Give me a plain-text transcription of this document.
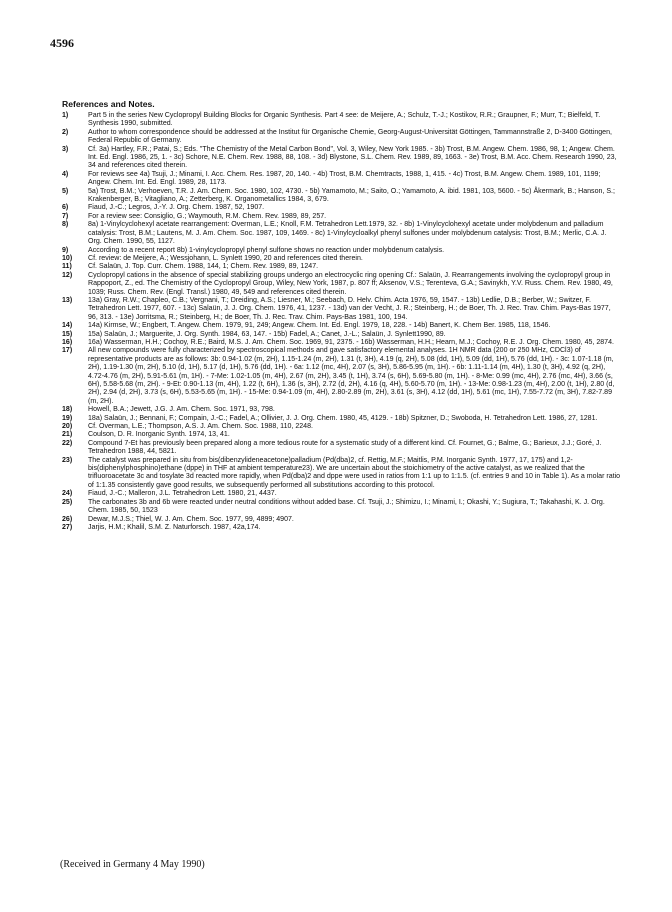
4596
References and Notes.
1)	Part 5 in the series New Cyclopropyl Building Blocks for Organic Synthesis. Part 4 see: de Meijere, A.; Schulz, T.-J.; Kostikov, R.R.; Graupner, F.; Murr, T.; Bielfeld, T. Synthesis 1990, submitted.

2)	Author to whom correspondence should be addressed at the Institut für Organische Chemie, Georg-August-Universität Göttingen, Tammannstraße 2, D-3400 Göttingen, Federal Republic of Germany.

3)	Cf. 3a) Hartley, F.R.; Patai, S.; Eds. "The Chemistry of the Metal Carbon Bond", Vol. 3, Wiley, New York 1985. - 3b) Trost, B.M. Angew. Chem. 1986, 98, 1; Angew. Chem. Int. Ed. Engl. 1986, 25, 1. - 3c) Schore, N.E. Chem. Rev. 1988, 88, 108. - 3d) Blystone, S.L. Chem. Rev. 1989, 89, 1663. - 3e) Trost, B.M. Acc. Chem. Research 1990, 23, 34 and references cited therein.

4)	For reviews see 4a) Tsuji, J.; Minami, I. Acc. Chem. Res. 1987, 20, 140. - 4b) Trost, B.M. Chemtracts, 1988, 1, 415. - 4c) Trost, B.M. Angew. Chem. 1989, 101, 1199; Angew. Chem. Int. Ed. Engl. 1989, 28, 1173.

5)	5a) Trost, B.M.; Verhoeven, T.R. J. Am. Chem. Soc. 1980, 102, 4730. - 5b) Yamamoto, M.; Saito, O.; Yamamoto, A. ibid. 1981, 103, 5600. - 5c) Åkermark, B.; Hanson, S.; Krakenberger, B.; Vitagliano, A.; Zetterberg, K. Organometallics 1984, 3, 679.

6)	Fiaud, J.-C.; Legros, J.-Y. J. Org. Chem. 1987, 52, 1907.

7)	For a review see: Consiglio, G.; Waymouth, R.M. Chem. Rev. 1989, 89, 257.

8)	8a) 1-Vinylcyclohexyl acetate rearrangement: Overman, L.E.; Knoll, F.M. Tetrahedron Lett.1979, 32. - 8b) 1-Vinylcyclohexyl acetate under molybdenum and palladium catalysis: Trost, B.M.; Lautens, M. J. Am. Chem. Soc. 1987, 109, 1469. - 8c) 1-Vinylcycloalkyl phenyl sulfones under molybdenum catalysis: Trost, B.M.; Merlic, C.A. J. Org. Chem. 1990, 55, 1127.

9)	According to a recent report 8b) 1-vinylcyclopropyl phenyl sulfone shows no reaction under molybdenum catalysis.

10)	Cf. review: de Meijere, A.; Wessjohann, L. Synlett 1990, 20 and references cited therein.

11)	Cf. Salaün, J. Top. Curr. Chem. 1988, 144, 1; Chem. Rev. 1989, 89, 1247.

12)	Cyclopropyl cations in the absence of special stabilizing groups undergo an electrocyclic ring opening Cf.: Salaün, J. Rearrangements involving the cyclopropyl group in Rappoport, Z., ed. The Chemistry of the Cyclopropyl Group, Wiley, New York, 1987, p. 807 ff; Aksenov, V.S.; Terenteva, G.A.; Savinykh, Y.V. Russ. Chem. Rev. 1980, 49, 1039; Russ. Chem. Rev. (Engl. Transl.) 1980, 49, 549 and references cited therein.

13)	13a) Gray, R.W.; Chapleo, C.B.; Vergnani, T.; Dreiding, A.S.; Liesner, M.; Seebach, D. Helv. Chim. Acta 1976, 59, 1547. - 13b) Ledlie, D.B.; Berber, W.; Switzer, F. Tetrahedron Lett. 1977, 607. - 13c) Salaün, J. J. Org. Chem. 1976, 41, 1237. - 13d) van der Vecht, J. R.; Steinberg, H.; de Boer, Th. J. Rec. Trav. Chim. Pays-Bas 1977, 96, 313. - 13e) Jorritsma, R.; Steinberg, H.; de Boer, Th. J. Rec. Trav. Chim. Pays-Bas 1981, 100, 194.

14)	14a) Kirmse, W.; Engbert, T. Angew. Chem. 1979, 91, 249; Angew. Chem. Int. Ed. Engl. 1979, 18, 228. - 14b) Banert, K. Chem Ber. 1985, 118, 1546.

15)	15a) Salaün, J.; Marguerite, J. Org. Synth. 1984, 63, 147. - 15b) Fadel, A.; Canet, J.-L.; Salaün, J. Synlett1990, 89.

16)	16a) Wasserman, H.H.; Cochoy, R.E.; Baird, M.S. J. Am. Chem. Soc. 1969, 91, 2375. - 16b) Wasserman, H.H.; Hearn, M.J.; Cochoy, R.E. J. Org. Chem. 1980, 45, 2874.

17)	All new compounds were fully characterized by spectroscopical methods and gave satisfactory elemental analyses. 1H NMR data (200 or 250 MHz, CDCl3) of representative products are as follows: 3b: 0.94-1.02 (m, 2H), 1.15-1.24 (m, 2H), 1.31 (t, 3H), 4.19 (q, 2H), 5.08 (dd, 1H), 5.09 (dd, 1H), 5.76 (dd, 1H). - 3c: 1.07-1.18 (m, 2H), 1.19-1.30 (m, 2H), 5.10 (d, 1H), 5.17 (d, 1H), 5.76 (dd, 1H). - 6a: 1.12 (mc, 4H), 2.07 (s, 3H), 5.86-5.95 (m, 1H). - 6b: 1.11-1.14 (m, 4H), 1.30 (t, 3H), 4.92 (q, 2H), 4.72-4.76 (m, 2H), 5.91-5.61 (m, 1H). - 7-Me: 1.02-1.05 (m, 4H), 2.67 (m, 2H), 3.45 (t, 1H), 3.74 (s, 6H), 5.69-5.80 (m, 1H). - 8-Me: 0.99 (mc, 4H), 2.76 (mc, 4H), 3.66 (s, 6H), 5.58-5.68 (m, 2H). - 9-Et: 0.90-1.13 (m, 4H), 1.22 (t, 6H), 1.36 (s, 3H), 2.72 (d, 2H), 4.16 (q, 4H), 5.60-5.70 (m, 1H). - 13-Me: 0.98-1.23 (m, 4H), 2.00 (t, 1H), 2.80 (d, 2H), 2.94 (d, 2H), 3.73 (s, 6H), 5.53-5.65 (m, 1H). - 15-Me: 0.94-1.09 (m, 4H), 2.80-2.89 (m, 2H), 3.61 (s, 3H), 4.12 (dd, 1H), 5.61 (mc, 1H), 7.55-7.72 (m, 3H), 7.82-7.89 (m, 2H).

18)	Howell, B.A.; Jewett, J.G. J. Am. Chem. Soc. 1971, 93, 798.

19)	18a) Salaün, J.; Bennani, F.; Compain, J.-C.; Fadel, A.; Ollivier, J. J. Org. Chem. 1980, 45, 4129. - 18b) Spitzner, D.; Swoboda, H. Tetrahedron Lett. 1986, 27, 1281.

20)	Cf. Overman, L.E.; Thompson, A.S. J. Am. Chem. Soc. 1988, 110, 2248.

21)	Coulson, D. R. Inorganic Synth. 1974, 13, 41.

22)	Compound 7-Et has previously been prepared along a more tedious route for a systematic study of a different kind. Cf. Fournet, G.; Balme, G.; Barieux, J.J.; Goré, J. Tetrahedron 1988, 44, 5821.

23)	The catalyst was prepared in situ from bis(dibenzylideneacetone)palladium (Pd(dba)2, cf. Rettig, M.F.; Maitlis, P.M. Inorganic Synth. 1977, 17, 175) and 1,2-bis(diphenylphosphino)ethane (dppe) in THF at ambient temperature23). We are uncertain about the stoichiometry of the active catalyst, as we realized that the trifluoroacetate 3c and tosylate 3d reacted more rapidly, when Pd(dba)2 and dppe were used in ratios from 1:1 up to 1:1.5. (cf. entries 9 and 10 in Table 1). As a molar ratio of 1:1.35 consistently gave good results, we subsequently performed all substitutions according to this protocol.

24)	Fiaud, J.-C.; Malleron, J.L. Tetrahedron Lett. 1980, 21, 4437.

25)	The carbonates 3b and 6b were reacted under neutral conditions without added base. Cf. Tsuji, J.; Shimizu, I.; Minami, I.; Okashi, Y.; Sugiura, T.; Takahashi, K. J. Org. Chem. 1985, 50, 1523

26)	Dewar, M.J.S.; Thiel, W. J. Am. Chem. Soc. 1977, 99, 4899; 4907.

27)	Jarjis, H.M.; Khalil, S.M. Z. Naturforsch. 1987, 42a,174.

(Received in Germany 4 May 1990)
